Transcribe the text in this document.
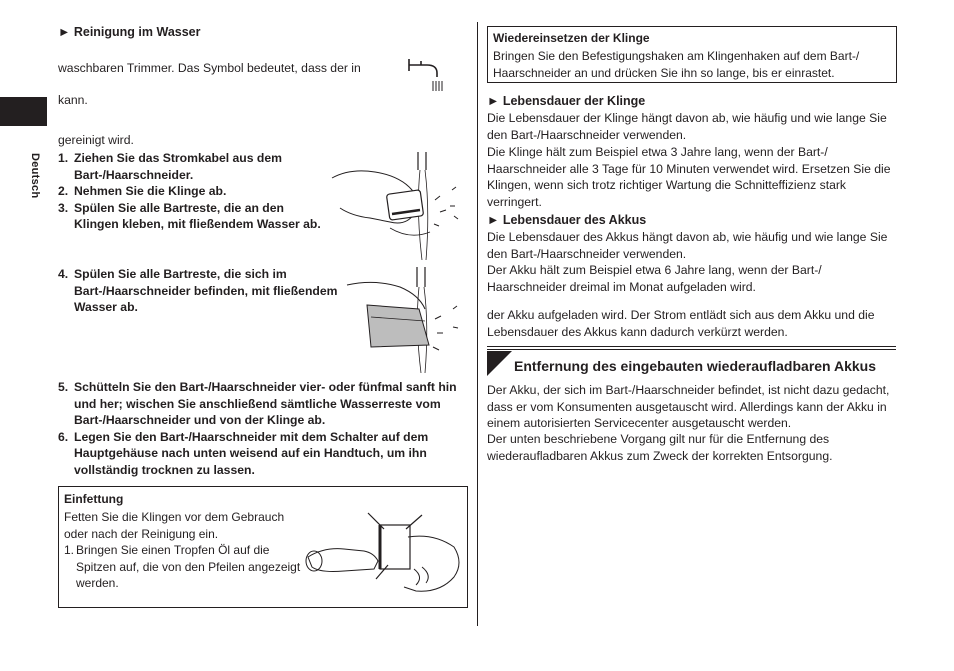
Deutsch
► Reinigung im Wasser
waschbaren Trimmer. Das Symbol bedeutet, dass der in
kann.
gereinigt wird.
1. Ziehen Sie das Stromkabel aus dem Bart-/Haarschneider.
2. Nehmen Sie die Klinge ab.
3. Spülen Sie alle Bartreste, die an den Klingen kleben, mit fließendem Wasser ab.
4. Spülen Sie alle Bartreste, die sich im Bart-/Haarschneider befinden, mit fließendem Wasser ab.
5. Schütteln Sie den Bart-/Haarschneider vier- oder fünfmal sanft hin und her; wischen Sie anschließend sämtliche Wasserreste vom Bart-/Haarschneider und von der Klinge ab.
6. Legen Sie den Bart-/Haarschneider mit dem Schalter auf dem Hauptgehäuse nach unten weisend auf ein Handtuch, um ihn vollständig trocknen zu lassen.
Einfettung
Fetten Sie die Klingen vor dem Gebrauch oder nach der Reinigung ein.
1. Bringen Sie einen Tropfen Öl auf die Spitzen auf, die von den Pfeilen angezeigt werden.
Wiedereinsetzen der Klinge
Bringen Sie den Befestigungshaken am Klingenhaken auf dem Bart-/ Haarschneider an und drücken Sie ihn so lange, bis er einrastet.
► Lebensdauer der Klinge
Die Lebensdauer der Klinge hängt davon ab, wie häufig und wie lange Sie den Bart-/Haarschneider verwenden.
Die Klinge hält zum Beispiel etwa 3 Jahre lang, wenn der Bart-/ Haarschneider alle 3 Tage für 10 Minuten verwendet wird. Ersetzen Sie die Klingen, wenn sich trotz richtiger Wartung die Schnitteffizienz stark verringert.
► Lebensdauer des Akkus
Die Lebensdauer des Akkus hängt davon ab, wie häufig und wie lange Sie den Bart-/Haarschneider verwenden.
Der Akku hält zum Beispiel etwa 6 Jahre lang, wenn der Bart-/ Haarschneider dreimal im Monat aufgeladen wird.
der Akku aufgeladen wird. Der Strom entlädt sich aus dem Akku und die Lebensdauer des Akkus kann dadurch verkürzt werden.
Entfernung des eingebauten wiederaufladbaren Akkus
Der Akku, der sich im Bart-/Haarschneider befindet, ist nicht dazu gedacht, dass er vom Konsumenten ausgetauscht wird. Allerdings kann der Akku in einem autorisierten Servicecenter ausgetauscht werden.
Der unten beschriebene Vorgang gilt nur für die Entfernung des wiederaufladbaren Akkus zum Zweck der korrekten Entsorgung.
